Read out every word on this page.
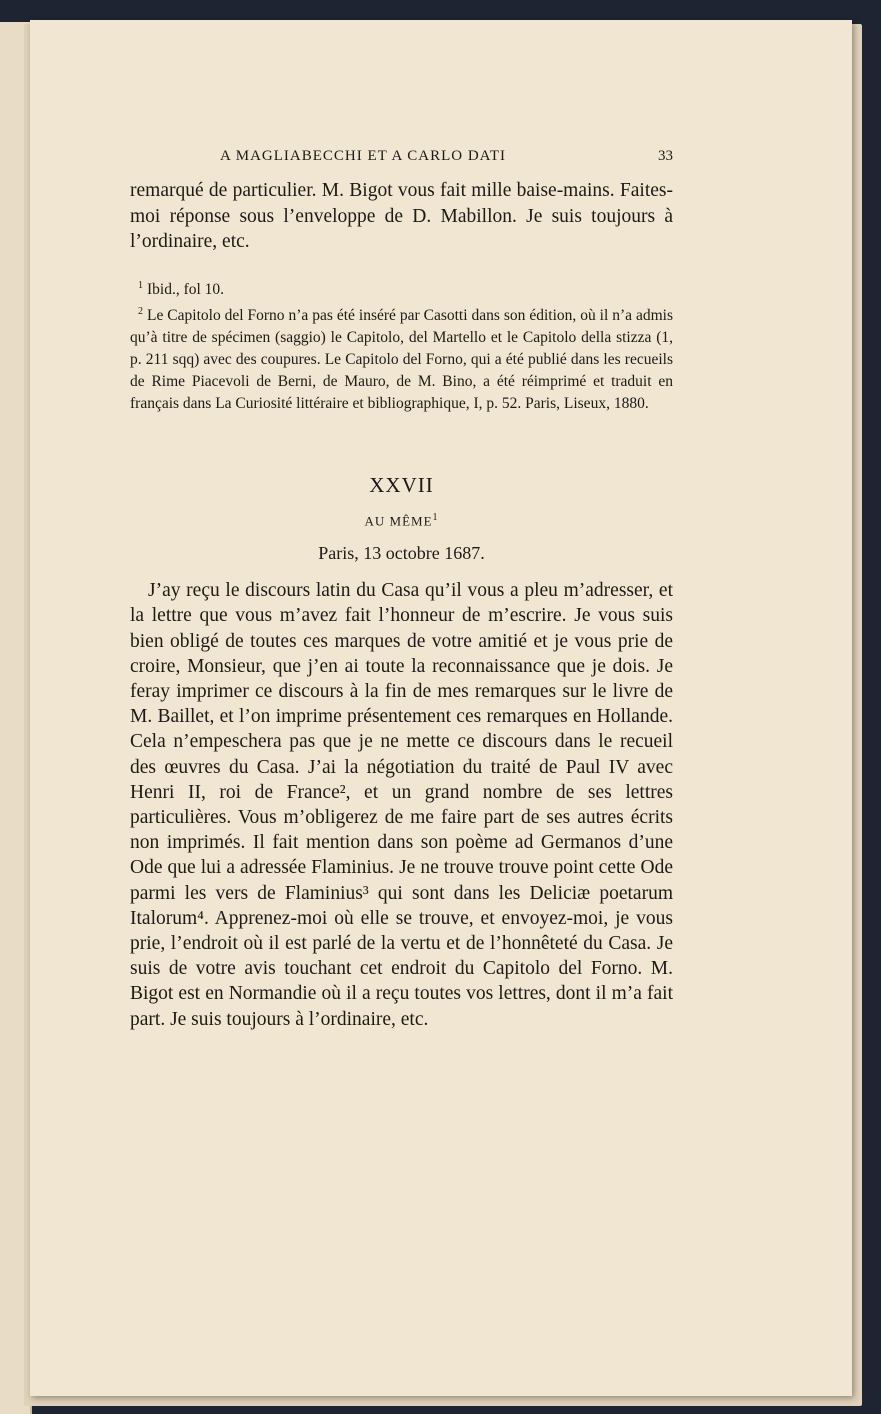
A MAGLIABECCHI ET A CARLO DATI	33

remarqué de particulier. M. Bigot vous fait mille baise-mains. Faites-moi réponse sous l’enveloppe de D. Mabillon. Je suis toujours à l’ordinaire, etc.

$^1$ Ibid., fol 10.

$^2$ Le Capitolo del Forno n’a pas été inséré par Casotti dans son édition, où il n’a admis qu’à titre de spécimen (saggio) le Capitolo, del Martello et le Capitolo della stizza (1, p. 211 sqq) avec des coupures. Le Capitolo del Forno, qui a été publié dans les recueils de Rime Piacevoli de Berni, de Mauro, de M. Bino, a été réimprimé et traduit en français dans La Curiosité littéraire et bibliographique, I, p. 52. Paris, Liseux, 1880.

XXVII
AU MÊME$^1$
Paris, 13 octobre 1687.

J’ay reçu le discours latin du Casa qu’il vous a pleu m’adresser, et la lettre que vous m’avez fait l’honneur de m’escrire. Je vous suis bien obligé de toutes ces marques de votre amitié et je vous prie de croire, Monsieur, que j’en ai toute la reconnaissance que je dois. Je feray imprimer ce discours à la fin de mes remarques sur le livre de M. Baillet, et l’on imprime présentement ces remarques en Hollande. Cela n’empeschera pas que je ne mette ce discours dans le recueil des œuvres du Casa. J’ai la négotiation du traité de Paul IV avec Henri II, roi de France², et un grand nombre de ses lettres particulières. Vous m’obligerez de me faire part de ses autres écrits non imprimés. Il fait mention dans son poème ad Germanos d’une Ode que lui a adressée Flaminius. Je ne trouve trouve point cette Ode parmi les vers de Flaminius³ qui sont dans les Deliciæ poetarum Italorum⁴. Apprenez-moi où elle se trouve, et envoyez-moi, je vous prie, l’endroit où il est parlé de la vertu et de l’honnêteté du Casa. Je suis de votre avis touchant cet endroit du Capitolo del Forno. M. Bigot est en Normandie où il a reçu toutes vos lettres, dont il m’a fait part. Je suis toujours à l’ordinaire, etc.
